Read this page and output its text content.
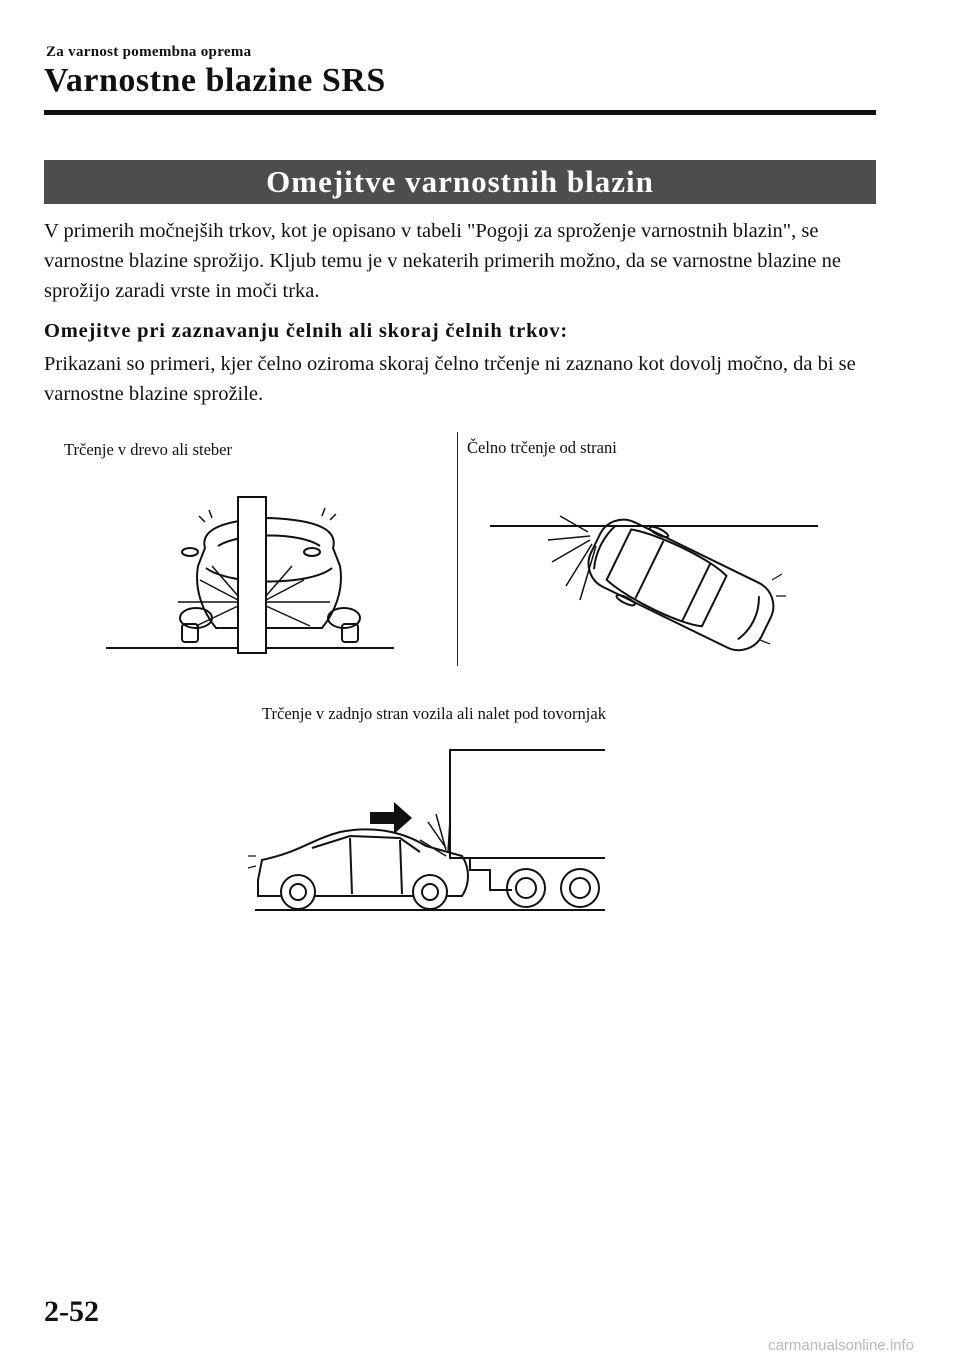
Za varnost pomembna oprema
Varnostne blazine SRS
Omejitve varnostnih blazin
V primerih močnejših trkov, kot je opisano v tabeli "Pogoji za sproženje varnostnih blazin", se varnostne blazine sprožijo. Kljub temu je v nekaterih primerih možno, da se varnostne blazine ne sprožijo zaradi vrste in moči trka.
Omejitve pri zaznavanju čelnih ali skoraj čelnih trkov:
Prikazani so primeri, kjer čelno oziroma skoraj čelno trčenje ni zaznano kot dovolj močno, da bi se varnostne blazine sprožile.
Trčenje v drevo ali steber	Čelno trčenje od strani
Trčenje v zadnjo stran vozila ali nalet pod tovornjak
2-52
carmanualsonline.info
